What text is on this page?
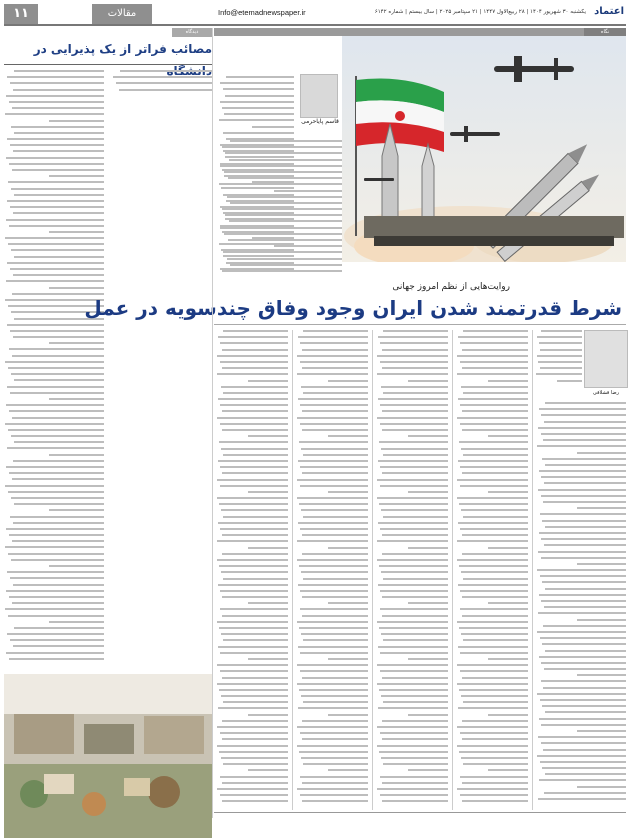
۱۱	مقالات	Info@etemadnewspaper.ir	یکشنبه ۳۰ شهریور ۱۴۰۴ | ۲۸ ربیع‌الاول ۱۴۴۷ | ۲۱ سپتامبر ۲۰۲۵ | سال بیستم | شماره ۶۱۴۲ اعتماد
دیدگاه
مصائب فراتر از یک پذیرایی در
نگاه
قاسم پایاحرمی
روایت‌هایی از نظم امروز جهانی
شرط قدرتمند شدن ایران وجود وفاق چندسویه در عمل
رضا قشلاقی
